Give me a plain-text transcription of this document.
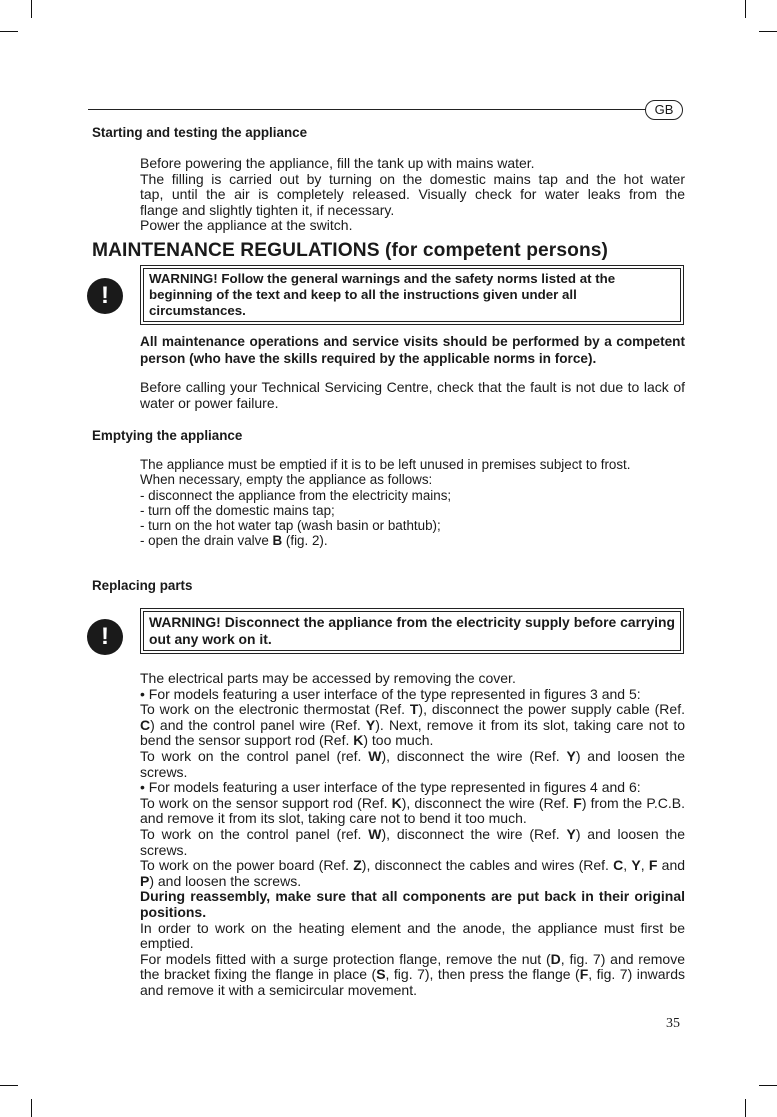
GB
Starting and testing the appliance

Before powering the appliance, fill the tank up with mains water.

The filling is carried out by turning on the domestic mains tap and the hot water

tap, until the air is completely released. Visually check for water leaks from the

flange and slightly tighten it, if necessary.

Power the appliance at the switch.

MAINTENANCE REGULATIONS (for competent persons)
!
WARNING! Follow the general warnings and the safety norms listed at the beginning of the text and keep to all the instructions given under all circumstances.

All maintenance operations and service visits should be performed by a competent person (who have the skills required by the applicable norms in force).

Before calling your Technical Servicing Centre, check that the fault is not due to lack of water or power failure.

Emptying the appliance

The appliance must be emptied if it is to be left unused in premises subject to frost.

When necessary, empty the appliance as follows:

- disconnect the appliance from the electricity mains;

- turn off the domestic mains tap;

- turn on the hot water tap (wash basin or bathtub);

- open the drain valve B (fig. 2).

Replacing parts
!
WARNING! Disconnect the appliance from the electricity supply before carrying out any work on it.

The electrical parts may be accessed by removing the cover.

• For models featuring a user interface of the type represented in figures 3 and 5:

To work on the electronic thermostat (Ref. T), disconnect the power supply cable (Ref. C) and the control panel wire (Ref. Y). Next, remove it from its slot, taking care not to bend the sensor support rod (Ref. K) too much.

To work on the control panel (ref. W), disconnect the wire (Ref. Y) and loosen the screws.

• For models featuring a user interface of the type represented in figures 4 and 6:

To work on the sensor support rod (Ref. K), disconnect the wire (Ref. F) from the P.C.B. and remove it from its slot, taking care not to bend it too much.

To work on the control panel (ref. W), disconnect the wire (Ref. Y) and loosen the screws.

To work on the power board (Ref. Z), disconnect the cables and wires (Ref. C, Y, F and P) and loosen the screws.

During reassembly, make sure that all components are put back in their original positions.

In order to work on the heating element and the anode, the appliance must first be emptied.

For models fitted with a surge protection flange, remove the nut (D, fig. 7) and remove the bracket fixing the flange in place (S, fig. 7), then press the flange (F, fig. 7) inwards and remove it with a semicircular movement.

35
